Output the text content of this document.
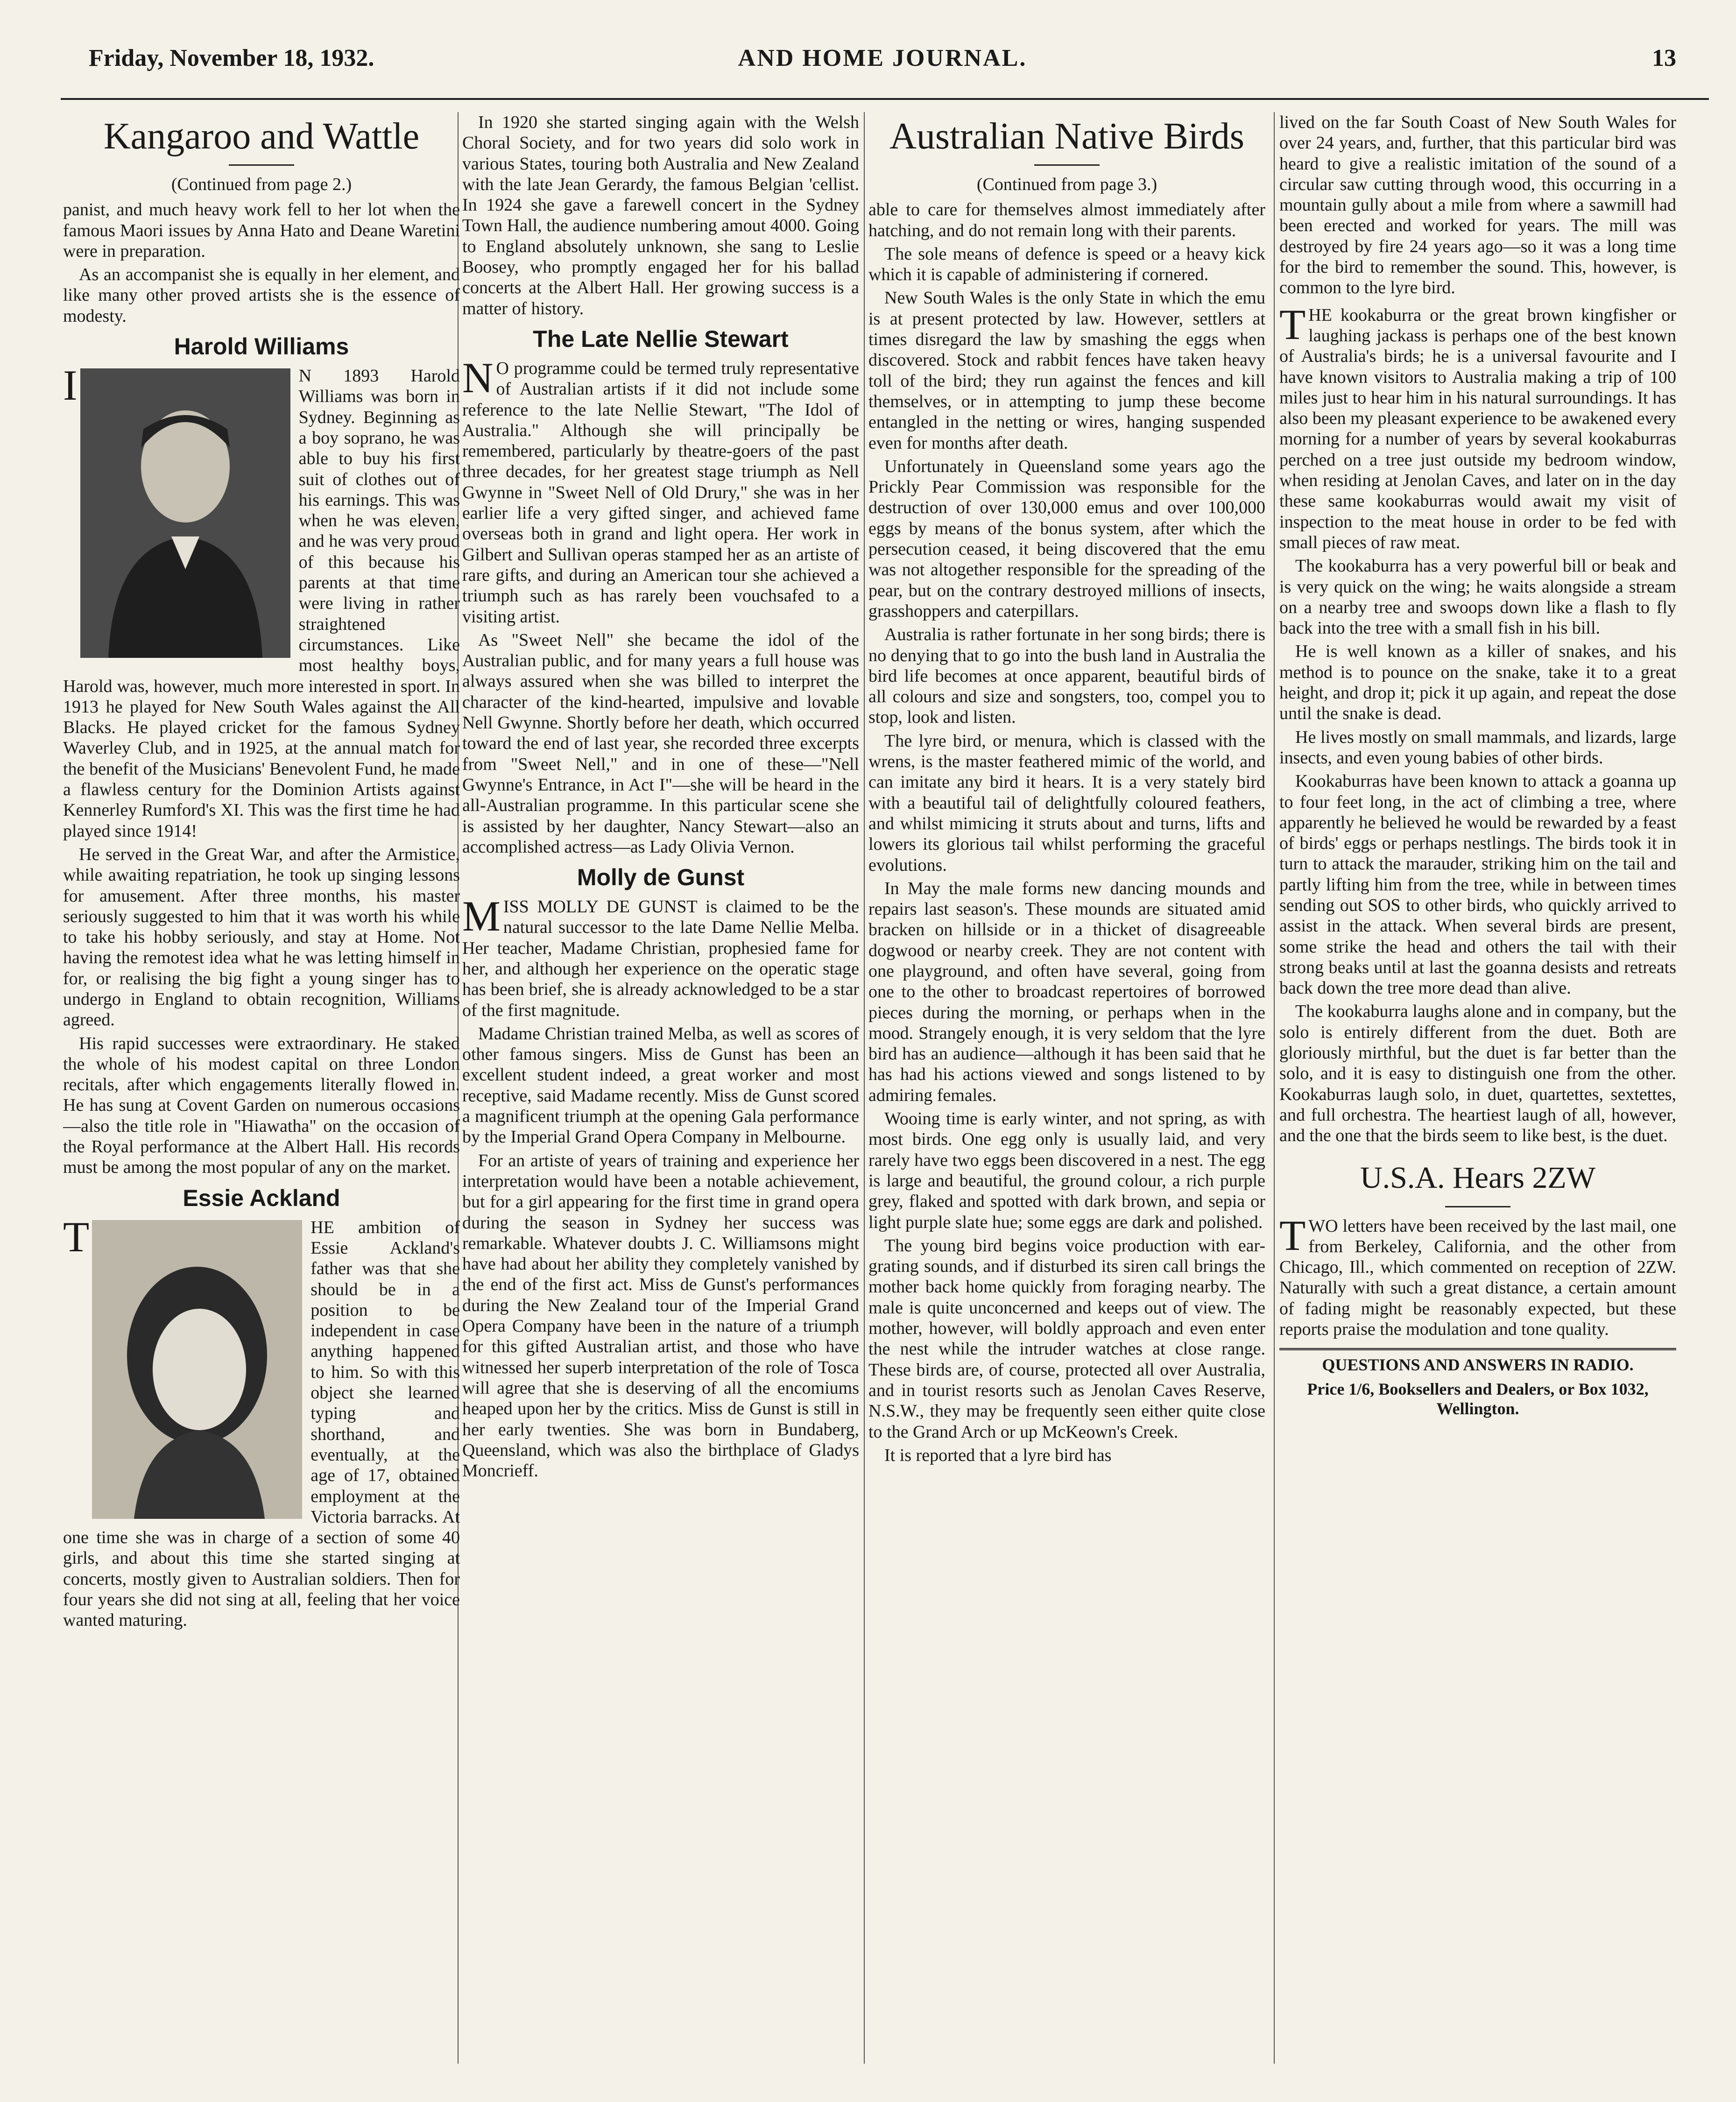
Friday, November 18, 1932.	AND HOME JOURNAL.	13
Kangaroo and Wattle
(Continued from page 2.)

panist, and much heavy work fell to her lot when the famous Maori issues by Anna Hato and Deane Waretini were in preparation.

As an accompanist she is equally in her element, and like many other proved artists she is the essence of modesty.

Harold Williams

I	N 1893 Harold Williams was born in Sydney. Beginning as a boy soprano, he was able to buy his first suit of clothes out of his earnings. This was when he was eleven, and he was very proud of this because his parents at that time were living in rather straightened circumstances. Like most healthy boys, Harold was, however, much more interested in sport. In 1913 he played for New South Wales against the All Blacks. He played cricket for the famous Sydney Waverley Club, and in 1925, at the annual match for the benefit of the Musicians' Benevolent Fund, he made a flawless century for the Dominion Artists against Kennerley Rumford's XI. This was the first time he had played since 1914!

He served in the Great War, and after the Armistice, while awaiting repatriation, he took up singing lessons for amusement. After three months, his master seriously suggested to him that it was worth his while to take his hobby seriously, and stay at Home. Not having the remotest idea what he was letting himself in for, or realising the big fight a young singer has to undergo in England to obtain recognition, Williams agreed.

His rapid successes were extraordinary. He staked the whole of his modest capital on three London recitals, after which engagements literally flowed in. He has sung at Covent Garden on numerous occasions—also the title role in "Hiawatha" on the occasion of the Royal performance at the Albert Hall. His records must be among the most popular of any on the market.

Essie Ackland

T	HE ambition of Essie Ackland's father was that she should be in a position to be independent in case anything happened to him. So with this object she learned typing and shorthand, and eventually, at the age of 17, obtained employment at the Victoria barracks. At one time she was in charge of a section of some 40 girls, and about this time she started singing at concerts, mostly given to Australian soldiers. Then for four years she did not sing at all, feeling that her voice wanted maturing.

In 1920 she started singing again with the Welsh Choral Society, and for two years did solo work in various States, touring both Australia and New Zealand with the late Jean Gerardy, the famous Belgian 'cellist. In 1924 she gave a farewell concert in the Sydney Town Hall, the audience numbering amout 4000. Going to England absolutely unknown, she sang to Leslie Boosey, who promptly engaged her for his ballad concerts at the Albert Hall. Her growing success is a matter of history.

The Late Nellie Stewart

N O programme could be termed truly representative of Australian artists if it did not include some reference to the late Nellie Stewart, "The Idol of Australia." Although she will principally be remembered, particularly by theatre-goers of the past three decades, for her greatest stage triumph as Nell Gwynne in "Sweet Nell of Old Drury," she was in her earlier life a very gifted singer, and achieved fame overseas both in grand and light opera. Her work in Gilbert and Sullivan operas stamped her as an artiste of rare gifts, and during an American tour she achieved a triumph such as has rarely been vouchsafed to a visiting artist.

As "Sweet Nell" she became the idol of the Australian public, and for many years a full house was always assured when she was billed to interpret the character of the kind-hearted, impulsive and lovable Nell Gwynne. Shortly before her death, which occurred toward the end of last year, she recorded three excerpts from "Sweet Nell," and in one of these—"Nell Gwynne's Entrance, in Act I"—she will be heard in the all-Australian programme. In this particular scene she is assisted by her daughter, Nancy Stewart—also an accomplished actress—as Lady Olivia Vernon.

Molly de Gunst

M ISS MOLLY DE GUNST is claimed to be the natural successor to the late Dame Nellie Melba. Her teacher, Madame Christian, prophesied fame for her, and although her experience on the operatic stage has been brief, she is already acknowledged to be a star of the first magnitude.

Madame Christian trained Melba, as well as scores of other famous singers. Miss de Gunst has been an excellent student indeed, a great worker and most receptive, said Madame recently. Miss de Gunst scored a magnificent triumph at the opening Gala performance by the Imperial Grand Opera Company in Melbourne.

For an artiste of years of training and experience her interpretation would have been a notable achievement, but for a girl appearing for the first time in grand opera during the season in Sydney her success was remarkable. Whatever doubts J. C. Williamsons might have had about her ability they completely vanished by the end of the first act. Miss de Gunst's performances during the New Zealand tour of the Imperial Grand Opera Company have been in the nature of a triumph for this gifted Australian artist, and those who have witnessed her superb interpretation of the role of Tosca will agree that she is deserving of all the encomiums heaped upon her by the critics. Miss de Gunst is still in her early twenties. She was born in Bundaberg, Queensland, which was also the birthplace of Gladys Moncrieff.

Australian Native Birds
(Continued from page 3.)

able to care for themselves almost immediately after hatching, and do not remain long with their parents.

The sole means of defence is speed or a heavy kick which it is capable of administering if cornered.

New South Wales is the only State in which the emu is at present protected by law. However, settlers at times disregard the law by smashing the eggs when discovered. Stock and rabbit fences have taken heavy toll of the bird; they run against the fences and kill themselves, or in attempting to jump these become entangled in the netting or wires, hanging suspended even for months after death.

Unfortunately in Queensland some years ago the Prickly Pear Commission was responsible for the destruction of over 130,000 emus and over 100,000 eggs by means of the bonus system, after which the persecution ceased, it being discovered that the emu was not altogether responsible for the spreading of the pear, but on the contrary destroyed millions of insects, grasshoppers and caterpillars.

Australia is rather fortunate in her song birds; there is no denying that to go into the bush land in Australia the bird life becomes at once apparent, beautiful birds of all colours and size and songsters, too, compel you to stop, look and listen.

The lyre bird, or menura, which is classed with the wrens, is the master feathered mimic of the world, and can imitate any bird it hears. It is a very stately bird with a beautiful tail of delightfully coloured feathers, and whilst mimicing it struts about and turns, lifts and lowers its glorious tail whilst performing the graceful evolutions.

In May the male forms new dancing mounds and repairs last season's. These mounds are situated amid bracken on hillside or in a thicket of disagreeable dogwood or nearby creek. They are not content with one playground, and often have several, going from one to the other to broadcast repertoires of borrowed pieces during the morning, or perhaps when in the mood. Strangely enough, it is very seldom that the lyre bird has an audience—although it has been said that he has had his actions viewed and songs listened to by admiring females.

Wooing time is early winter, and not spring, as with most birds. One egg only is usually laid, and very rarely have two eggs been discovered in a nest. The egg is large and beautiful, the ground colour, a rich purple grey, flaked and spotted with dark brown, and sepia or light purple slate hue; some eggs are dark and polished.

The young bird begins voice production with ear-grating sounds, and if disturbed its siren call brings the mother back home quickly from foraging nearby. The male is quite unconcerned and keeps out of view. The mother, however, will boldly approach and even enter the nest while the intruder watches at close range. These birds are, of course, protected all over Australia, and in tourist resorts such as Jenolan Caves Reserve, N.S.W., they may be frequently seen either quite close to the Grand Arch or up McKeown's Creek.

It is reported that a lyre bird has

lived on the far South Coast of New South Wales for over 24 years, and, further, that this particular bird was heard to give a realistic imitation of the sound of a circular saw cutting through wood, this occurring in a mountain gully about a mile from where a sawmill had been erected and worked for years. The mill was destroyed by fire 24 years ago—so it was a long time for the bird to remember the sound. This, however, is common to the lyre bird.

T HE kookaburra or the great brown kingfisher or laughing jackass is perhaps one of the best known of Australia's birds; he is a universal favourite and I have known visitors to Australia making a trip of 100 miles just to hear him in his natural surroundings. It has also been my pleasant experience to be awakened every morning for a number of years by several kookaburras perched on a tree just outside my bedroom window, when residing at Jenolan Caves, and later on in the day these same kookaburras would await my visit of inspection to the meat house in order to be fed with small pieces of raw meat.

The kookaburra has a very powerful bill or beak and is very quick on the wing; he waits alongside a stream on a nearby tree and swoops down like a flash to fly back into the tree with a small fish in his bill.

He is well known as a killer of snakes, and his method is to pounce on the snake, take it to a great height, and drop it; pick it up again, and repeat the dose until the snake is dead.

He lives mostly on small mammals, and lizards, large insects, and even young babies of other birds.

Kookaburras have been known to attack a goanna up to four feet long, in the act of climbing a tree, where apparently he believed he would be rewarded by a feast of birds' eggs or perhaps nestlings. The birds took it in turn to attack the marauder, striking him on the tail and partly lifting him from the tree, while in between times sending out SOS to other birds, who quickly arrived to assist in the attack. When several birds are present, some strike the head and others the tail with their strong beaks until at last the goanna desists and retreats back down the tree more dead than alive.

The kookaburra laughs alone and in company, but the solo is entirely different from the duet. Both are gloriously mirthful, but the duet is far better than the solo, and it is easy to distinguish one from the other. Kookaburras laugh solo, in duet, quartettes, sextettes, and full orchestra. The heartiest laugh of all, however, and the one that the birds seem to like best, is the duet.

U.S.A. Hears 2ZW

T WO letters have been received by the last mail, one from Berkeley, California, and the other from Chicago, Ill., which commented on reception of 2ZW. Naturally with such a great distance, a certain amount of fading might be reasonably expected, but these reports praise the modulation and tone quality.

QUESTIONS AND ANSWERS IN RADIO.
Price 1/6, Booksellers and Dealers, or Box 1032, Wellington.
